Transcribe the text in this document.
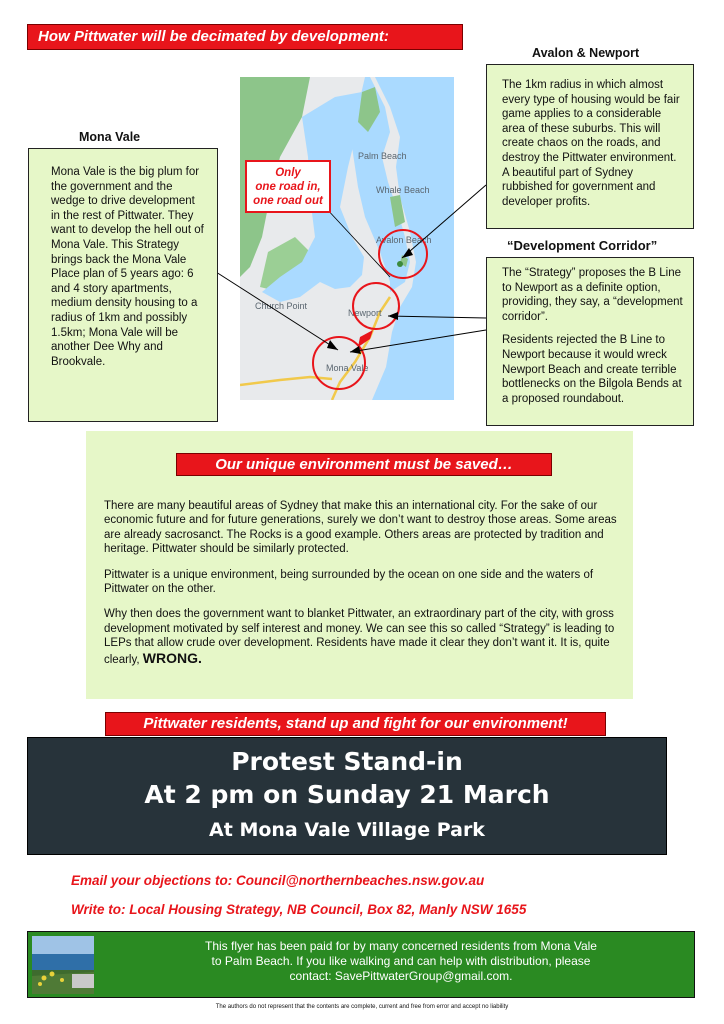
How Pittwater will be decimated by development:
Palm Beach
Whale Beach
Avalon Beach
Church Point
Newport
Mona Vale
Only
one road in,
one road out
Mona Vale
Mona Vale is the big plum for the government and the wedge to drive development in the rest of Pittwater. They want to develop the hell out of Mona Vale. This Strategy brings back the Mona Vale Place plan of 5 years ago: 6 and 4 story apartments, medium density housing to a radius of 1km and possibly 1.5km; Mona Vale will be another Dee Why and Brookvale.
Avalon & Newport
The 1km radius in which almost every type of housing would be fair game applies to a considerable area of these suburbs. This will create chaos on the roads, and destroy the Pittwater environment. A beautiful part of Sydney rubbished for government and developer profits.
“Development Corridor”
The “Strategy” proposes the B Line to Newport as a definite option, providing, they say, a “development corridor”.
Residents rejected the B Line to Newport because it would wreck Newport Beach and create terrible bottlenecks on the Bilgola Bends at a proposed roundabout.

There are many beautiful areas of Sydney that make this an international city. For the sake of our economic future and for future generations, surely we don’t want to destroy those areas. Some areas are already sacrosanct. The Rocks is a good example. Others areas are protected by tradition and heritage. Pittwater should be similarly protected.

Pittwater is a unique environment, being surrounded by the ocean on one side and the waters of Pittwater on the other.

Why then does the government want to blanket Pittwater, an extraordinary part of the city, with gross development motivated by self interest and money. We can see this so called “Strategy” is leading to LEPs that allow crude over development. Residents have made it clear they don’t want it. It is, quite clearly, WRONG.

Our unique environment must be saved…
Pittwater residents, stand up and fight for our environment!
Protest Stand-in
At 2 pm on Sunday 21 March
At Mona Vale Village Park
Email your objections to: Council@northernbeaches.nsw.gov.au
Write to: Local Housing Strategy, NB Council, Box 82, Manly NSW 1655
This flyer has been paid for by many concerned residents from Mona Vale
to Palm Beach. If you like walking and can help with distribution, please
contact: SavePittwaterGroup@gmail.com.
The authors do not represent that the contents are complete, current and free from error and accept no liability
